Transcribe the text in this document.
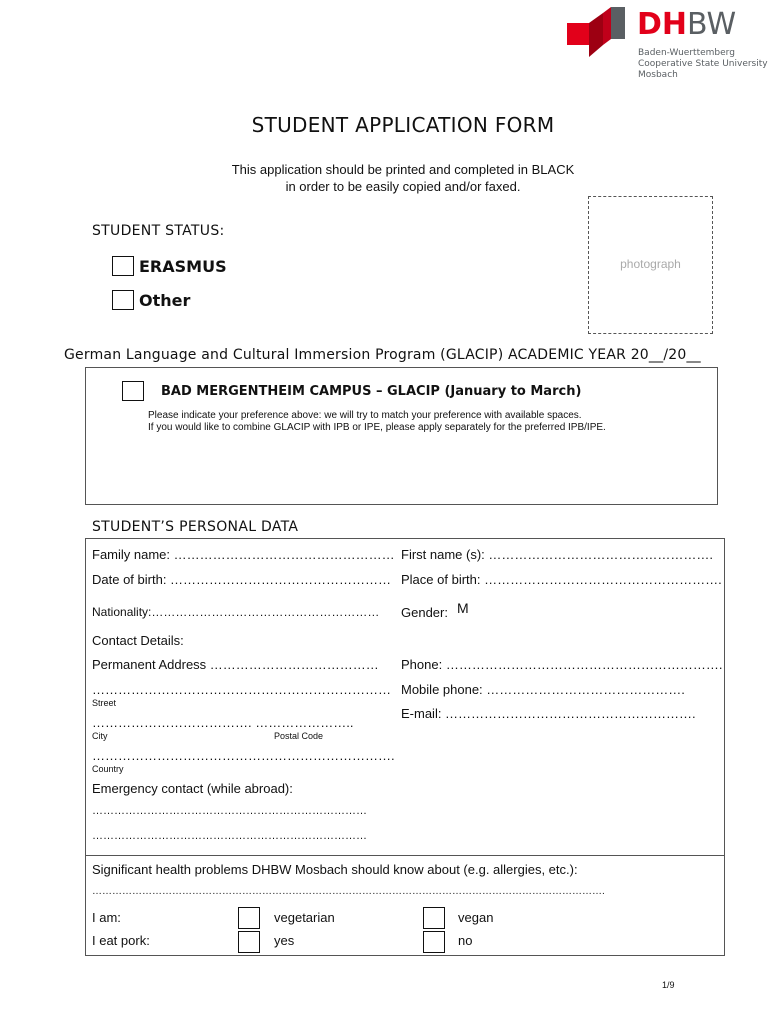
DHBW
Baden-Wuerttemberg
Cooperative State University
Mosbach
STUDENT APPLICATION FORM
This application should be printed and completed in BLACK
in order to be easily copied and/or faxed.
photograph
STUDENT STATUS:
ERASMUS
Other
German Language and Cultural Immersion Program (GLACIP) ACADEMIC YEAR 20__/20__
BAD MERGENTHEIM CAMPUS – GLACIP (January to March)
Please indicate your preference above: we will try to match your preference with available spaces.
If you would like to combine GLACIP with IPB or IPE, please apply separately for the preferred IPB/IPE.
STUDENT’S PERSONAL DATA
Family name: …………………………………………… First name (s): …………………………………………….
Date of birth: …………………………………………… Place of birth: ……………………………………………….
Nationality:………………………………………………… Gender: M
Contact Details:
Permanent Address ………………………………… Phone: ……………………………………………………….
…………………………………………………………… Mobile phone: ……………………………………….
Street
E-mail: ………………………………………………….
………………………………. …………………..
City	Postal Code
…………………………………………………………….
Country
Emergency contact (while abroad):
…………………………………………………………………
…………………………………………………………………
Significant health problems DHBW Mosbach should know about (e.g. allergies, etc.):
……………………………………………………………………………………………………………………………………….
I am:	vegetarian	vegan
I eat pork:	yes	no
1/9
